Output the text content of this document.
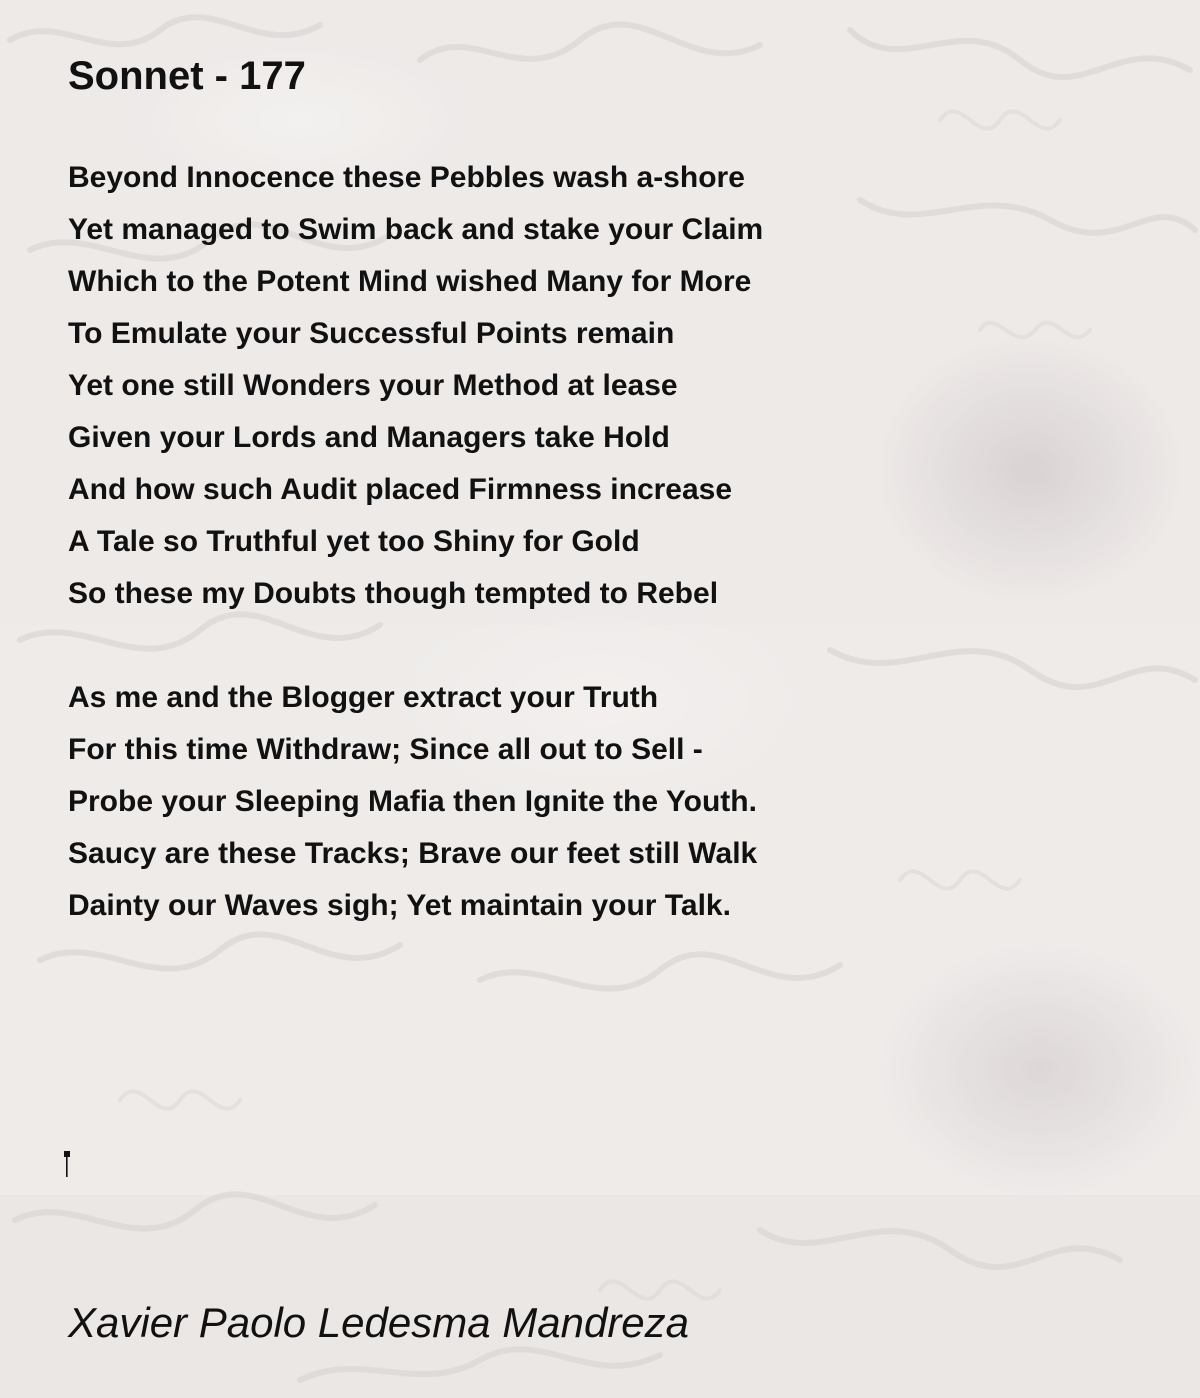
Sonnet - 177
Beyond Innocence these Pebbles wash a-shore
Yet managed to Swim back and stake your Claim
Which to the Potent Mind wished Many for More
To Emulate your Successful Points remain
Yet one still Wonders your Method at lease
Given your Lords and Managers take Hold
And how such Audit placed Firmness increase
A Tale so Truthful yet too Shiny for Gold
So these my Doubts though tempted to Rebel
As me and the Blogger extract your Truth
For this time Withdraw; Since all out to Sell -
Probe your Sleeping Mafia then Ignite the Youth.
Saucy are these Tracks; Brave our feet still Walk
Dainty our Waves sigh; Yet maintain your Talk.

Xavier Paolo Ledesma Mandreza
